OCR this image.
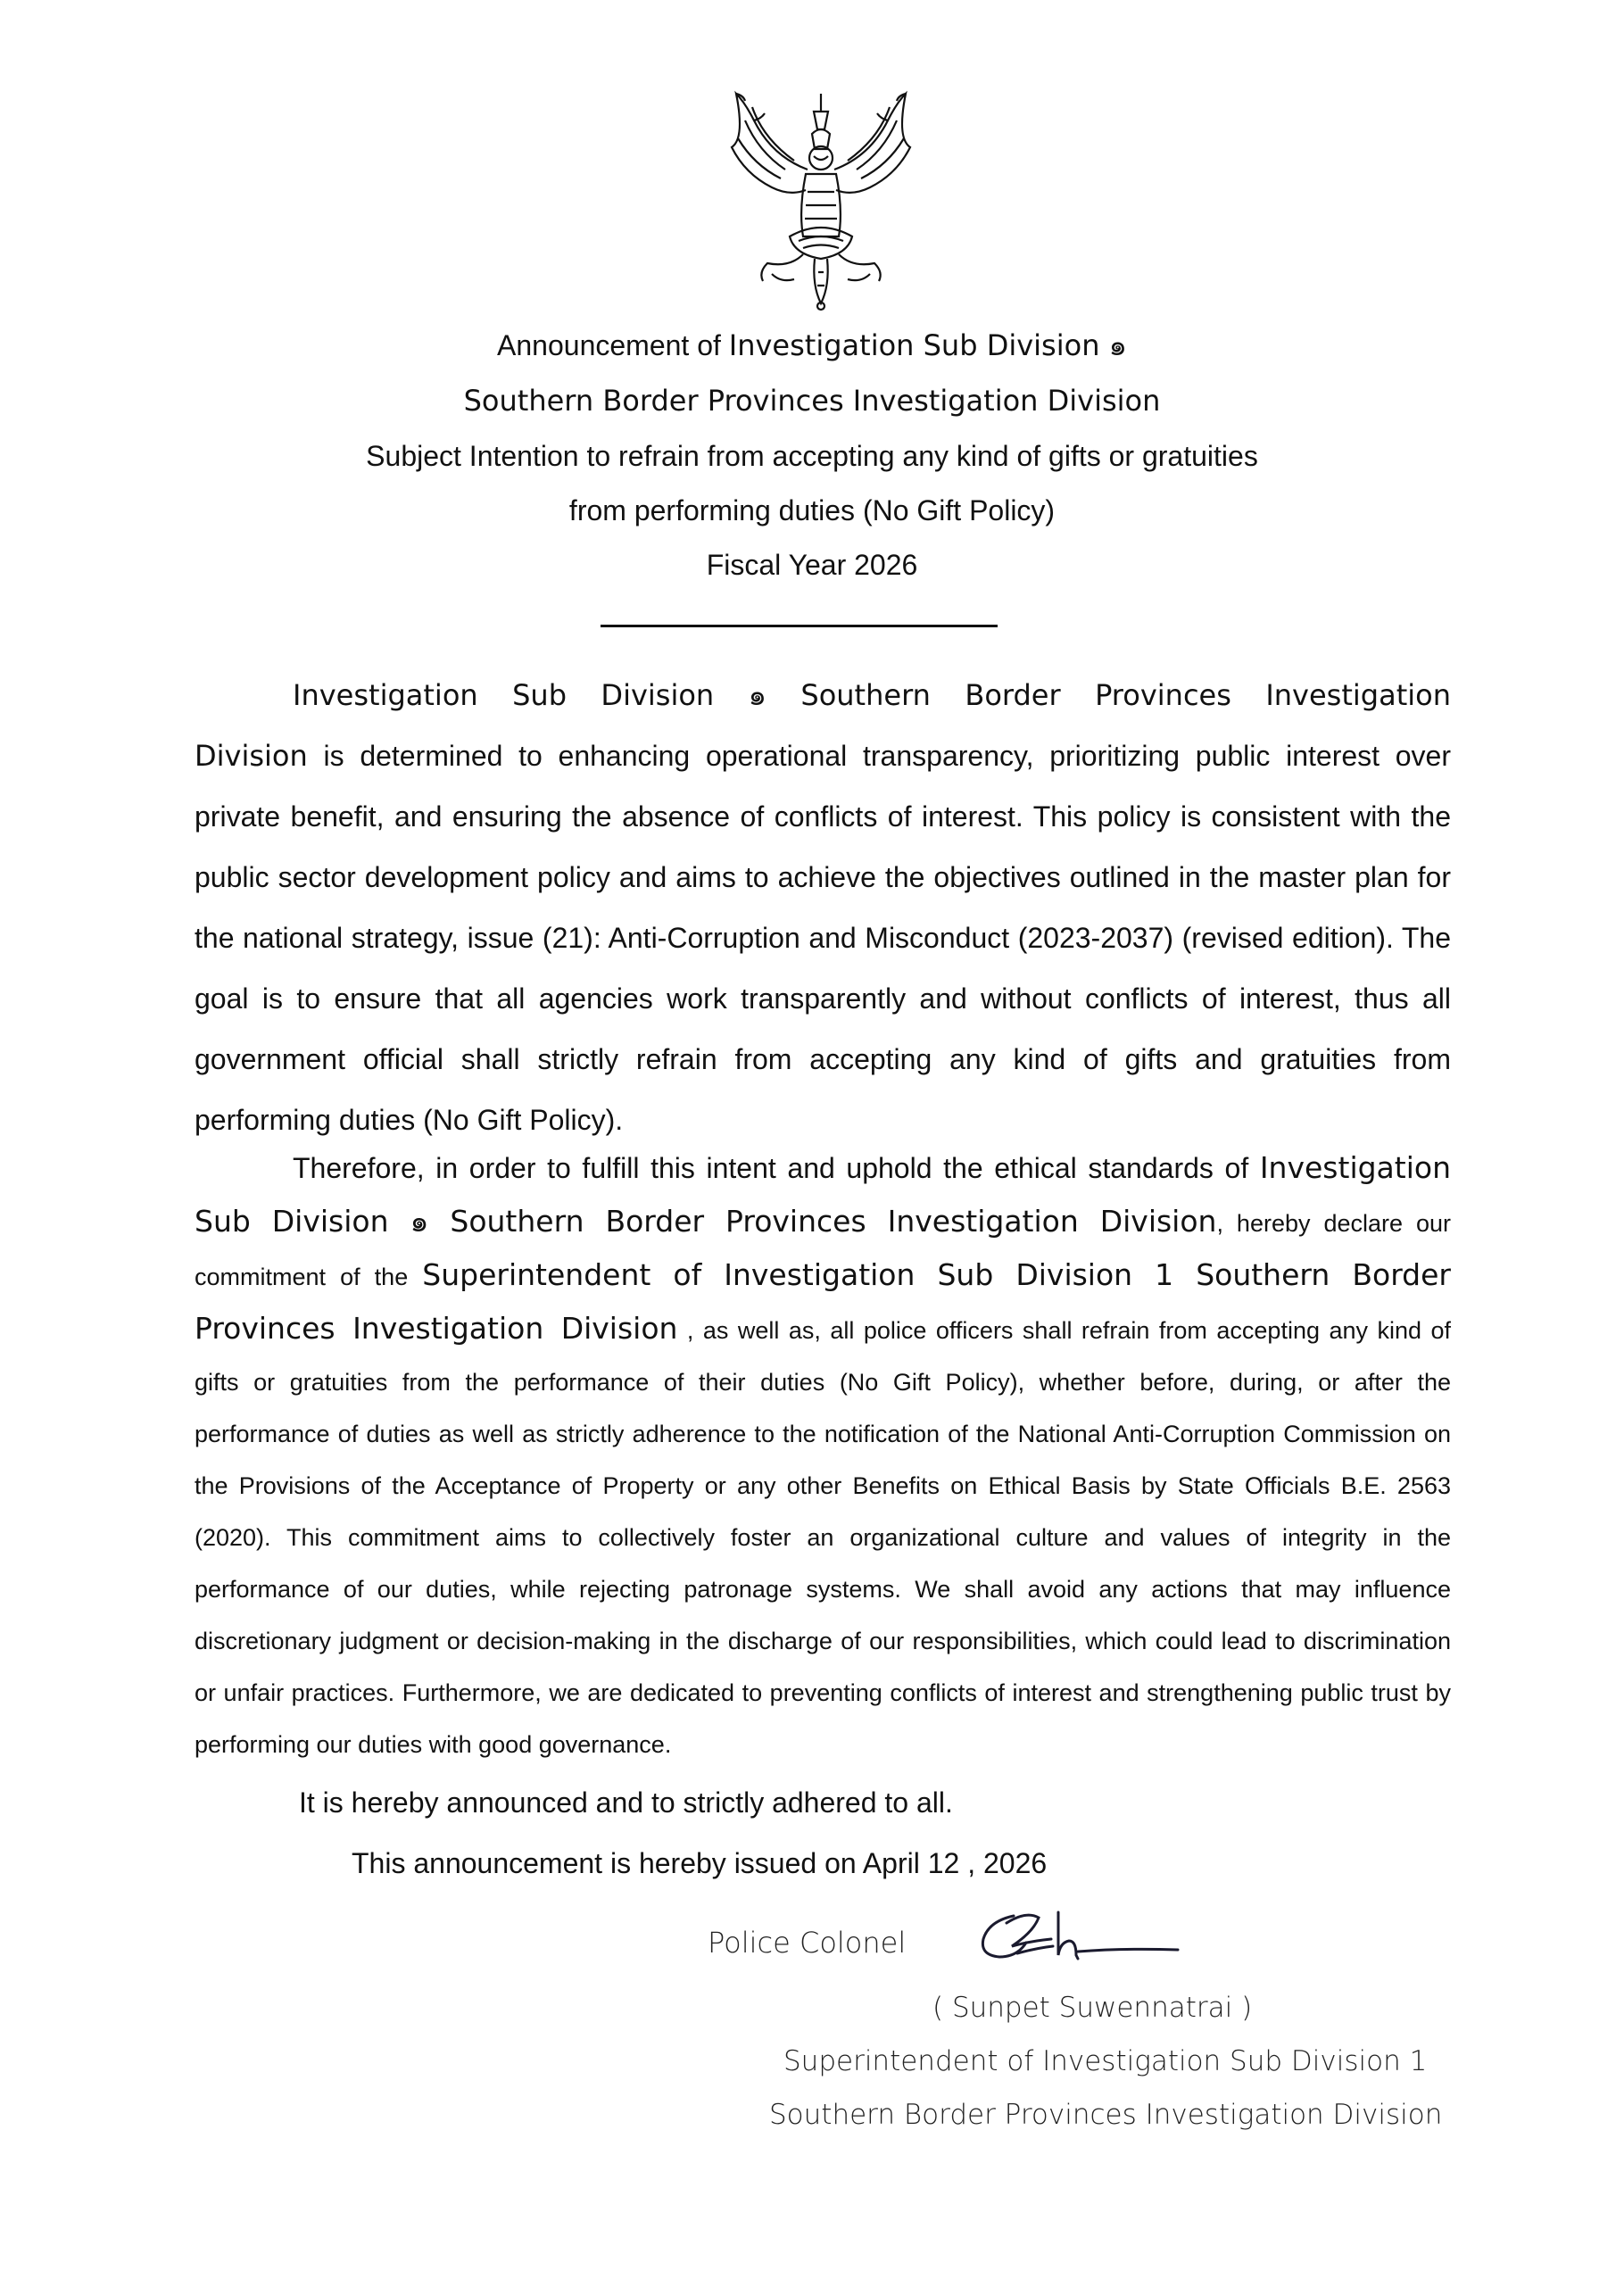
Announcement of Investigation Sub Division ๑
Southern Border Provinces Investigation Division
Subject Intention to refrain from accepting any kind of gifts or gratuities
from performing duties (No Gift Policy)
Fiscal Year 2026
Investigation Sub Division ๑ Southern Border Provinces Investigation Division is determined to enhancing operational transparency, prioritizing public interest over private benefit, and ensuring the absence of conflicts of interest. This policy is consistent with the public sector development policy and aims to achieve the objectives outlined in the master plan for the national strategy, issue (21): Anti-Corruption and Misconduct (2023-2037) (revised edition). The goal is to ensure that all agencies work transparently and without conflicts of interest, thus all government official shall strictly refrain from accepting any kind of gifts and gratuities from performing duties (No Gift Policy).
Therefore, in order to fulfill this intent and uphold the ethical standards of Investigation Sub Division ๑ Southern Border Provinces Investigation Division, hereby declare our commitment of the Superintendent of Investigation Sub Division 1 Southern Border Provinces Investigation Division , as well as, all police officers shall refrain from accepting any kind of gifts or gratuities from the performance of their duties (No Gift Policy), whether before, during, or after the performance of duties as well as strictly adherence to the notification of the National Anti-Corruption Commission on the Provisions of the Acceptance of Property or any other Benefits on Ethical Basis by State Officials B.E. 2563 (2020). This commitment aims to collectively foster an organizational culture and values of integrity in the performance of our duties, while rejecting patronage systems. We shall avoid any actions that may influence discretionary judgment or decision-making in the discharge of our responsibilities, which could lead to discrimination or unfair practices. Furthermore, we are dedicated to preventing conflicts of interest and strengthening public trust by performing our duties with good governance.
It is hereby announced and to strictly adhered to all.
This announcement is hereby issued on April 12 , 2026
Police Colonel
( Sunpet Suwennatrai )
Superintendent of Investigation Sub Division 1
Southern Border Provinces Investigation Division
